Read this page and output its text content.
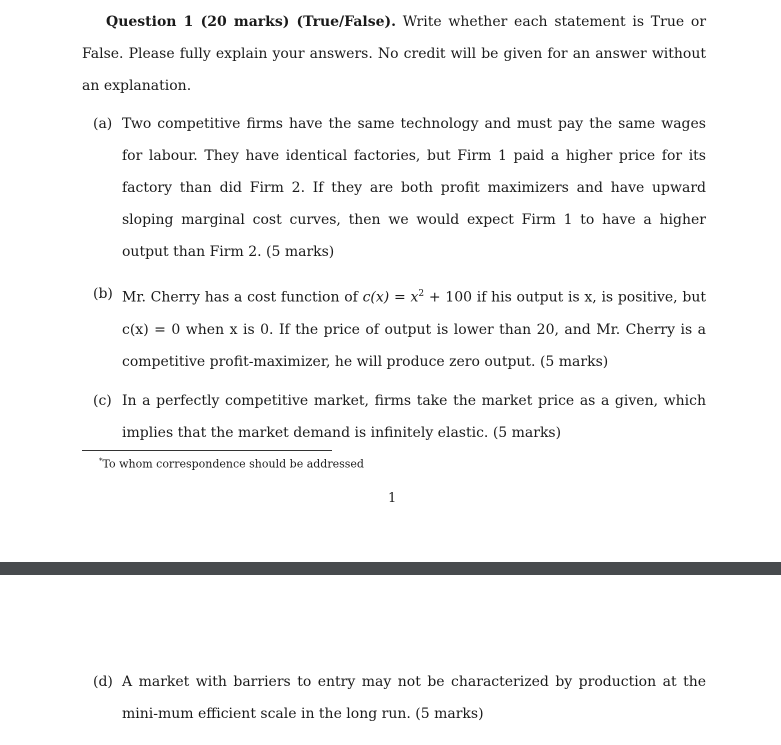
Question 1 (20 marks) (True/False). Write whether each statement is True or False. Please fully explain your answers. No credit will be given for an answer without an explanation.
(a) Two competitive firms have the same technology and must pay the same wages for labour. They have identical factories, but Firm 1 paid a higher price for its factory than did Firm 2. If they are both profit maximizers and have upward sloping marginal cost curves, then we would expect Firm 1 to have a higher output than Firm 2. (5 marks)
(b) Mr. Cherry has a cost function of $c(x) = x^2 + 100$ if his output is x, is positive, but c(x) = 0 when x is 0. If the price of output is lower than 20, and Mr. Cherry is a competitive profit-maximizer, he will produce zero output. (5 marks)
(c) In a perfectly competitive market, firms take the market price as a given, which implies that the market demand is infinitely elastic. (5 marks)
*To whom correspondence should be addressed
1
(d) A market with barriers to entry may not be characterized by production at the mini-mum efficient scale in the long run. (5 marks)
